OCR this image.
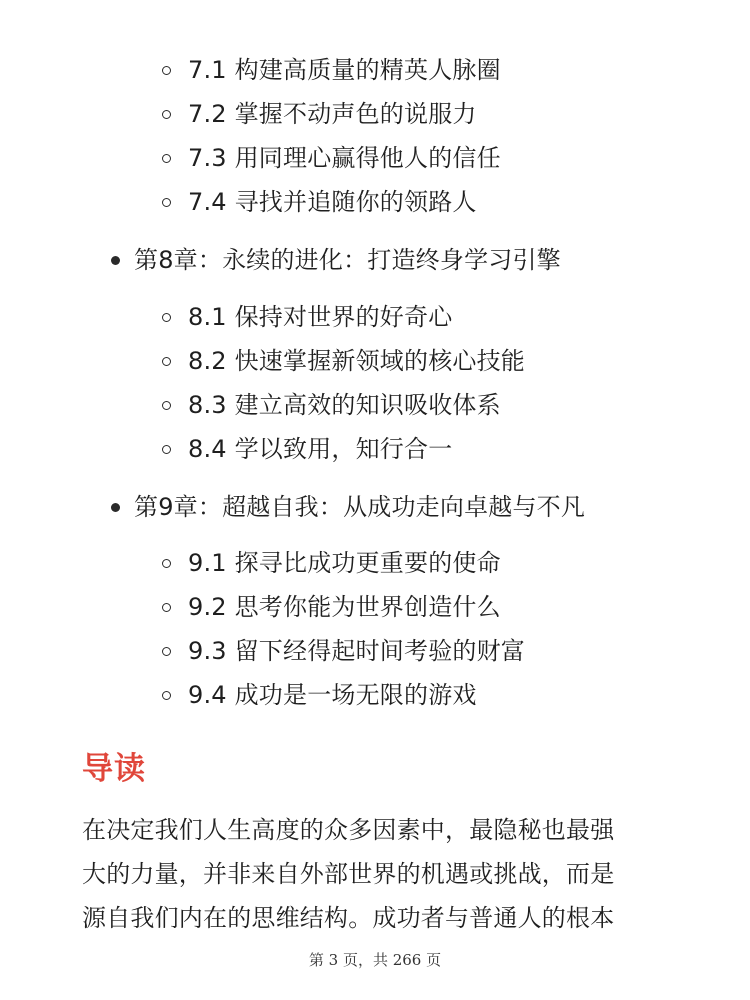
7.1 构建高质量的精英人脉圈
7.2 掌握不动声色的说服力
7.3 用同理心赢得他人的信任
7.4 寻找并追随你的领路人
第8章：永续的进化：打造终身学习引擎
8.1 保持对世界的好奇心
8.2 快速掌握新领域的核心技能
8.3 建立高效的知识吸收体系
8.4 学以致用，知行合一
第9章：超越自我：从成功走向卓越与不凡
9.1 探寻比成功更重要的使命
9.2 思考你能为世界创造什么
9.3 留下经得起时间考验的财富
9.4 成功是一场无限的游戏
导读

在决定我们人生高度的众多因素中，最隐秘也最强
大的力量，并非来自外部世界的机遇或挑战，而是
源自我们内在的思维结构。成功者与普通人的根本

第 3 页，共 266 页
